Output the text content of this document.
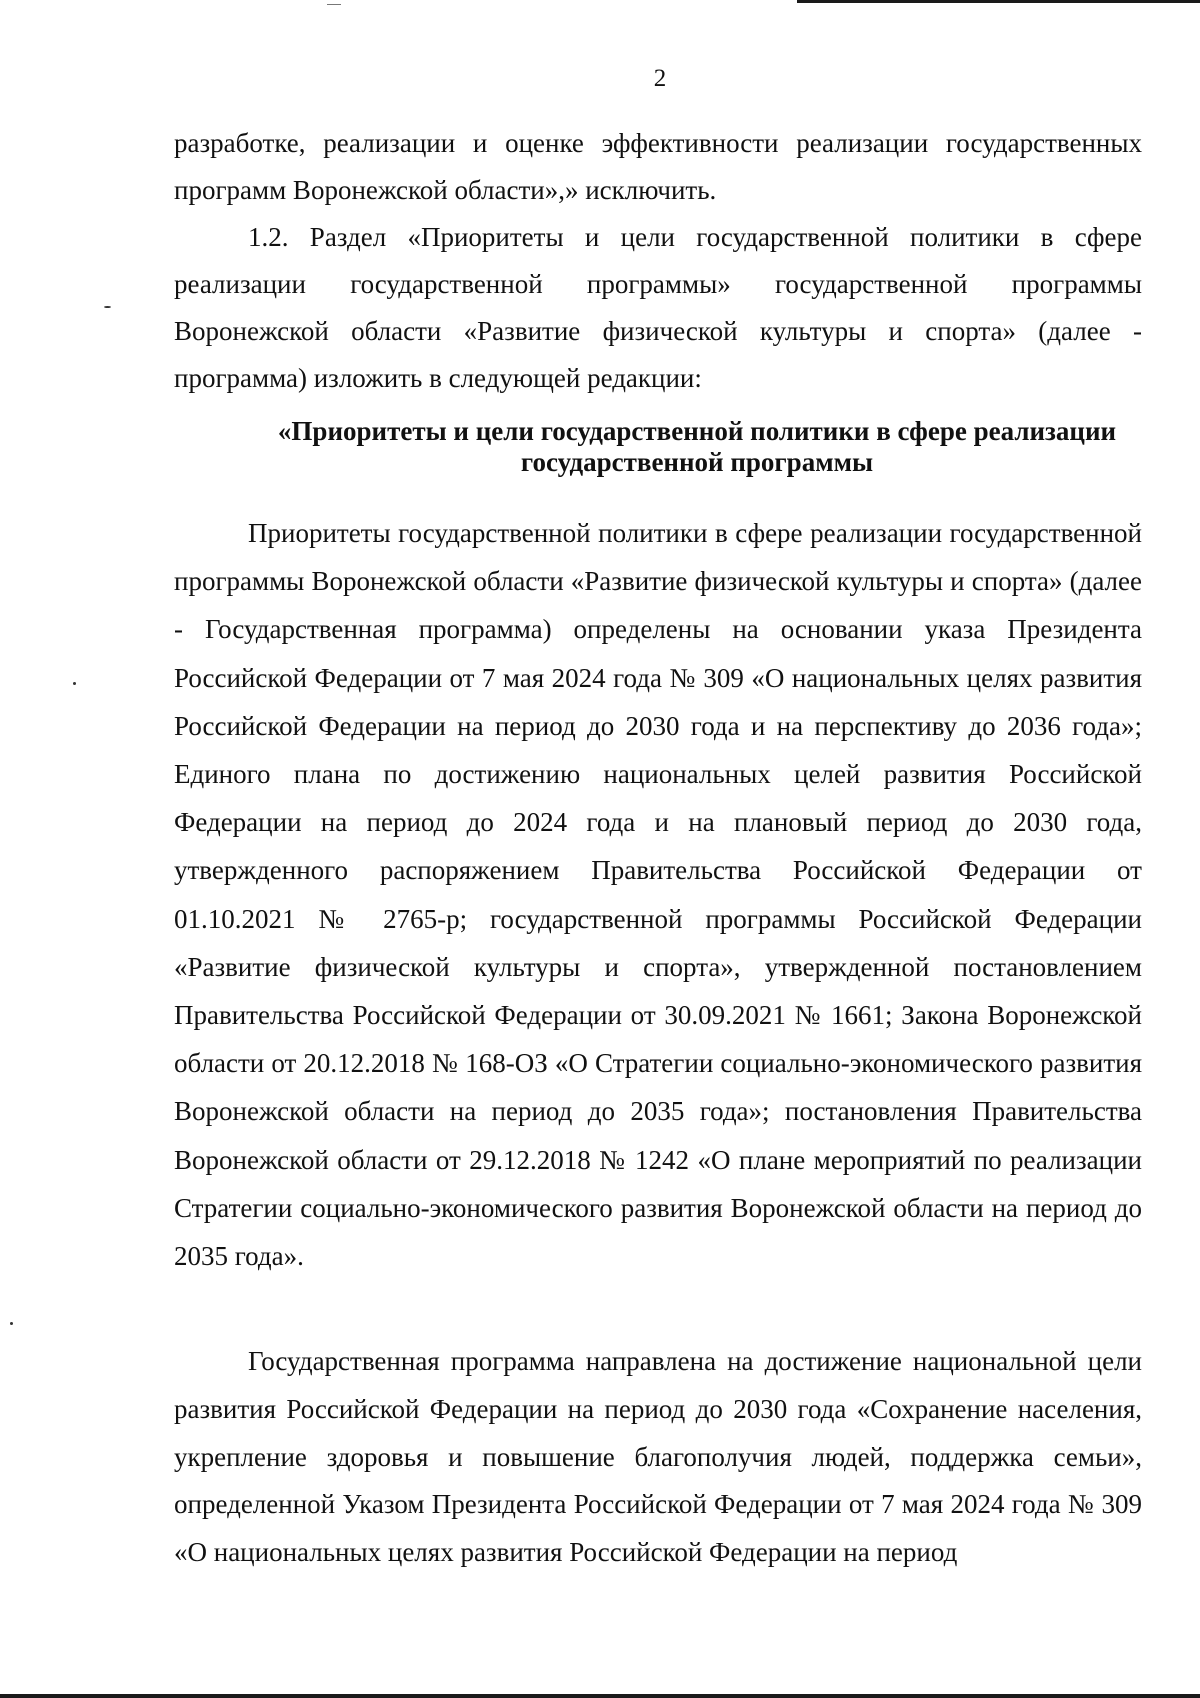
2

разработке, реализации и оценке эффективности реализации государственных программ Воронежской области»,» исключить.

1.2. Раздел «Приоритеты и цели государственной политики в сфере реализации государственной программы» государственной программы Воронежской области «Развитие физической культуры и спорта» (далее - программа) изложить в следующей редакции:

«Приоритеты и цели государственной политики в сфере реализации государственной программы

Приоритеты государственной политики в сфере реализации государственной программы Воронежской области «Развитие физической культуры и спорта» (далее - Государственная программа) определены на основании указа Президента Российской Федерации от 7 мая 2024 года № 309 «О национальных целях развития Российской Федерации на период до 2030 года и на перспективу до 2036 года»; Единого плана по достижению национальных целей развития Российской Федерации на период до 2024 года и на плановый период до 2030 года, утвержденного распоряжением Правительства Российской Федерации от 01.10.2021 № 2765-р; государственной программы Российской Федерации «Развитие физической культуры и спорта», утвержденной постановлением Правительства Российской Федерации от 30.09.2021 № 1661; Закона Воронежской области от 20.12.2018 № 168-ОЗ «О Стратегии социально-экономического развития Воронежской области на период до 2035 года»; постановления Правительства Воронежской области от 29.12.2018 № 1242 «О плане мероприятий по реализации Стратегии социально-экономического развития Воронежской области на период до 2035 года».

Государственная программа направлена на достижение национальной цели развития Российской Федерации на период до 2030 года «Сохранение населения, укрепление здоровья и повышение благополучия людей, поддержка семьи», определенной Указом Президента Российской Федерации от 7 мая 2024 года № 309 «О национальных целях развития Российской Федерации на период
